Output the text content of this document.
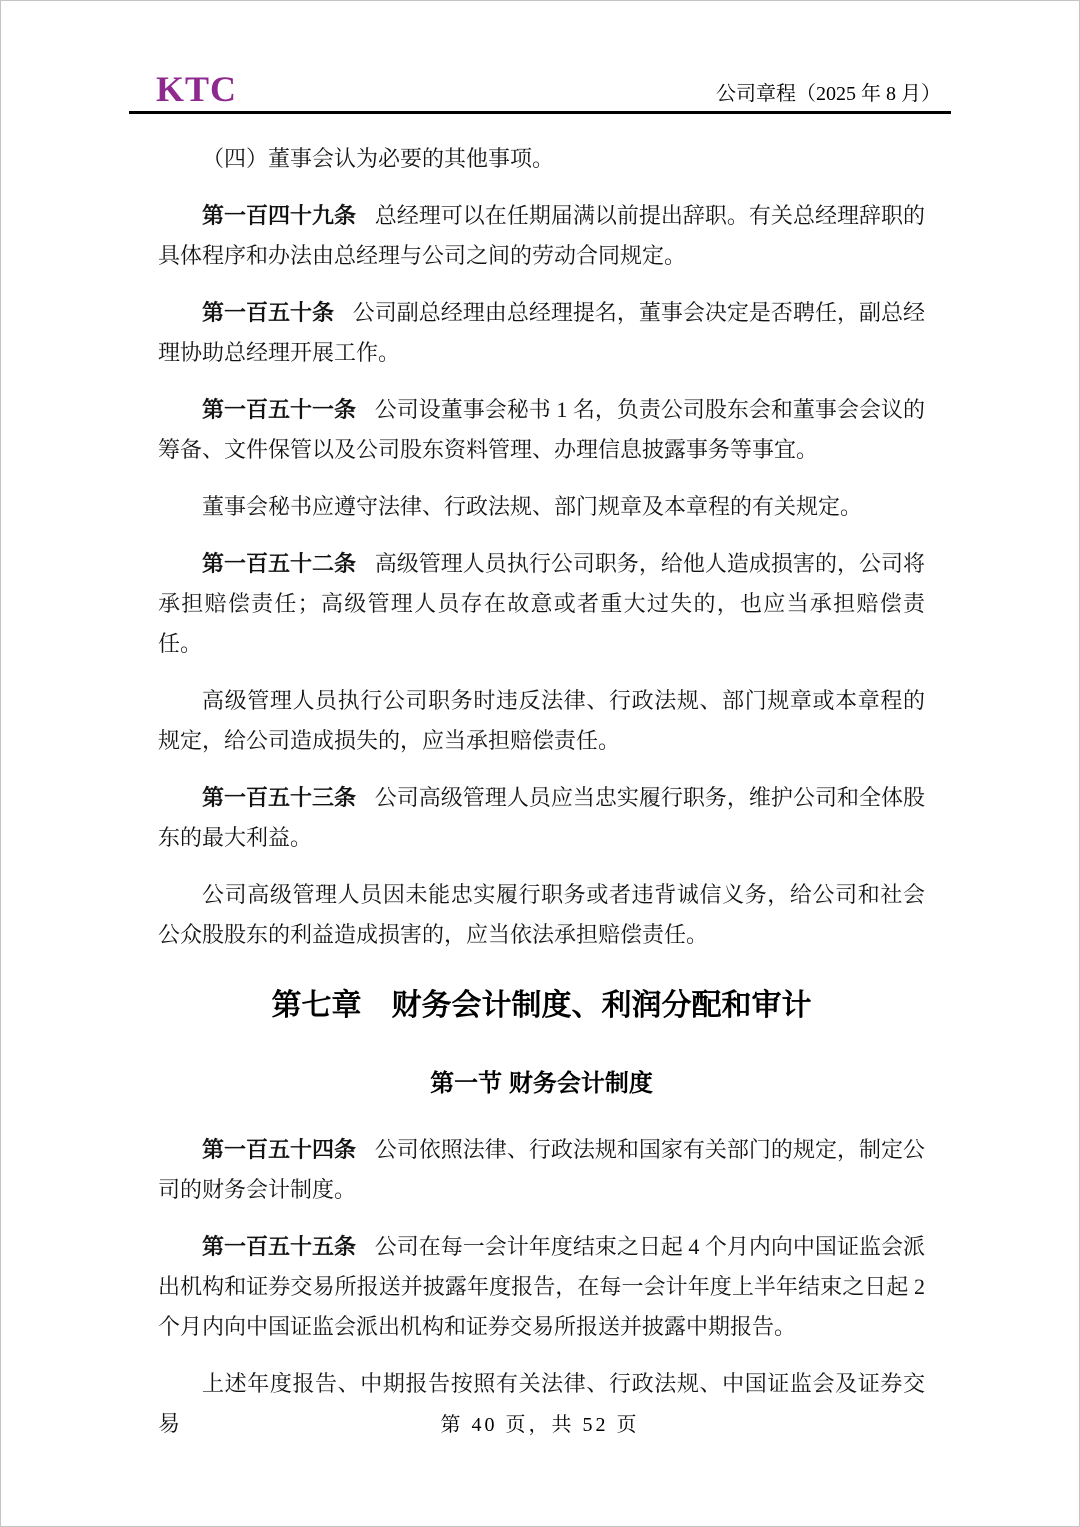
KTC	公司章程（2025 年 8 月）

（四）董事会认为必要的其他事项。

第一百四十九条 总经理可以在任期届满以前提出辞职。有关总经理辞职的具体程序和办法由总经理与公司之间的劳动合同规定。

第一百五十条 公司副总经理由总经理提名，董事会决定是否聘任，副总经理协助总经理开展工作。

第一百五十一条 公司设董事会秘书 1 名，负责公司股东会和董事会会议的筹备、文件保管以及公司股东资料管理、办理信息披露事务等事宜。

董事会秘书应遵守法律、行政法规、部门规章及本章程的有关规定。

第一百五十二条 高级管理人员执行公司职务，给他人造成损害的，公司将承担赔偿责任；高级管理人员存在故意或者重大过失的，也应当承担赔偿责任。

高级管理人员执行公司职务时违反法律、行政法规、部门规章或本章程的规定，给公司造成损失的，应当承担赔偿责任。

第一百五十三条 公司高级管理人员应当忠实履行职务，维护公司和全体股东的最大利益。

公司高级管理人员因未能忠实履行职务或者违背诚信义务，给公司和社会公众股股东的利益造成损害的，应当依法承担赔偿责任。

第七章　财务会计制度、利润分配和审计
第一节 财务会计制度

第一百五十四条 公司依照法律、行政法规和国家有关部门的规定，制定公司的财务会计制度。

第一百五十五条 公司在每一会计年度结束之日起 4 个月内向中国证监会派出机构和证券交易所报送并披露年度报告，在每一会计年度上半年结束之日起 2 个月内向中国证监会派出机构和证券交易所报送并披露中期报告。

上述年度报告、中期报告按照有关法律、行政法规、中国证监会及证券交易	第 40 页，共 52 页
